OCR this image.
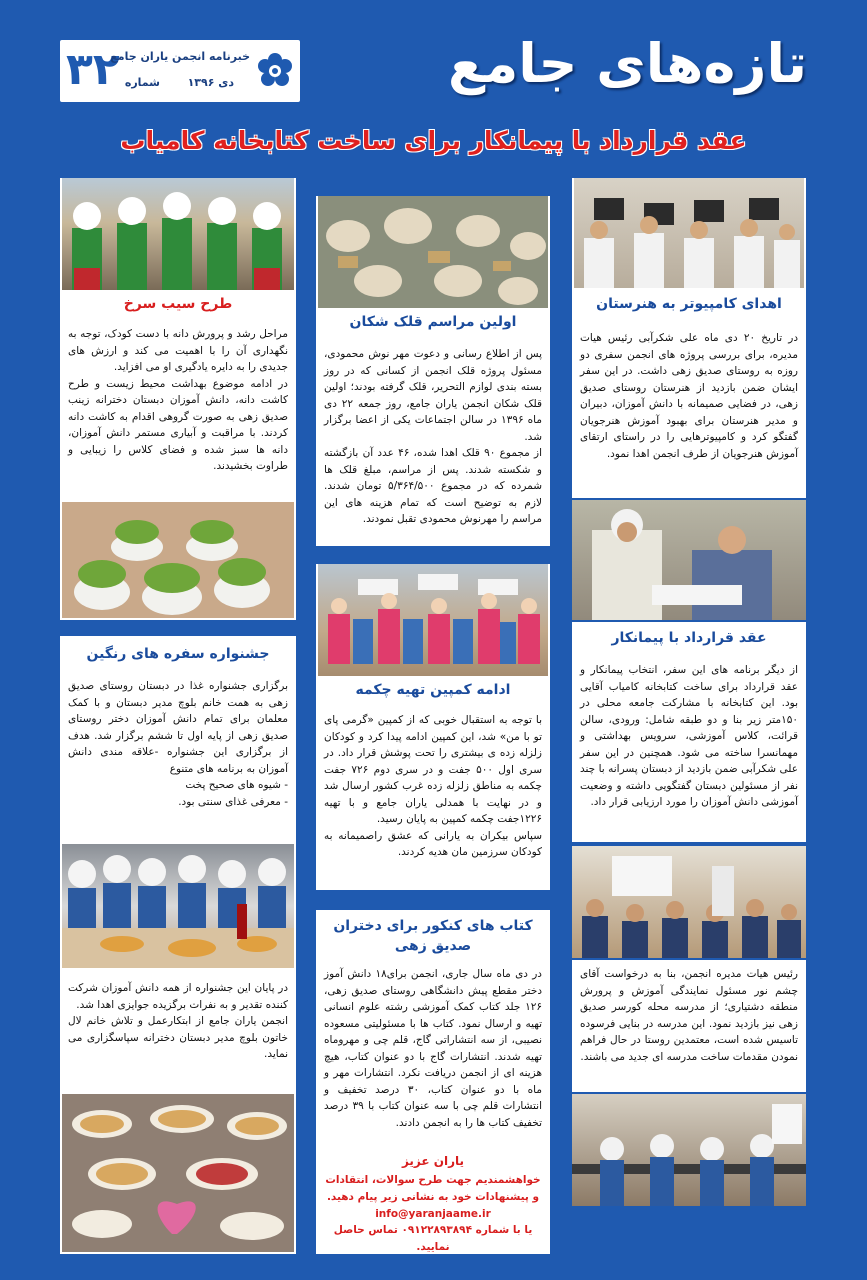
۳۲
خبرنامه انجمن یاران جامع
دی ۱۳۹۶
شماره	تازه‌های جامع
عقد قرارداد با پیمانکار برای ساخت کتابخانه کامیاب
طرح سیب سرخ
مراحل رشد و پرورش دانه با دست کودک، توجه به نگهداری آن را با اهمیت می کند و ارزش های جدیدی را به دایره یادگیری او می افزاید.
در ادامه موضوع بهداشت محیط زیست و طرح کاشت دانه، دانش آموزان دبستان دخترانه زینب صدیق زهی به صورت گروهی اقدام به کاشت دانه کردند. با مراقبت و آبیاری مستمر دانش آموزان، دانه ها سبز شده و فضای کلاس را زیبایی و طراوت بخشیدند.
جشنواره سفره های رنگین
برگزاری جشنواره غذا در دبستان روستای صدیق زهی به همت خانم بلوچ مدیر دبستان و با کمک معلمان برای تمام دانش آموزان دختر روستای صدیق زهی از پایه اول تا ششم برگزار شد. هدف از برگزاری این جشنواره -علاقه مندی دانش آموزان به برنامه های متنوع
- شیوه های صحیح پخت
- معرفی غذای سنتی بود.
در پایان این جشنواره از همه دانش آموزان شرکت کننده تقدیر و به نفرات برگزیده جوایزی اهدا شد.
انجمن یاران جامع از ابتکارعمل و تلاش خانم لال خاتون بلوچ مدیر دبستان دخترانه سپاسگزاری می نماید.
اولین مراسم قلک شکان
پس از اطلاع رسانی و دعوت مهر نوش محمودی، مسئول پروژه قلک انجمن از کسانی که در روز بسته بندی لوازم التحریر، قلک گرفته بودند؛ اولین قلک شکان انجمن یاران جامع، روز جمعه ۲۲ دی ماه ۱۳۹۶ در سالن اجتماعات یکی از اعضا برگزار شد.
از مجموع ۹۰ قلک اهدا شده، ۴۶ عدد آن بازگشته و شکسته شدند. پس از مراسم، مبلغ قلک ها شمرده که در مجموع ۵/۳۶۴/۵۰۰ تومان شدند. لازم به توضیح است که تمام هزینه های این مراسم را مهرنوش محمودی تقبل نمودند.
ادامه کمپین تهیه چکمه
با توجه به استقبال خوبی که از کمپین «گرمی پای تو با من» شد، این کمپین ادامه پیدا کرد و کودکان زلزله زده ی بیشتری را تحت پوشش قرار داد. در سری اول ۵۰۰ جفت و در سری دوم ۷۲۶ جفت چکمه به مناطق زلزله زده غرب کشور ارسال شد و در نهایت با همدلی یاران جامع و با تهیه ۱۲۲۶جفت چکمه کمپین به پایان رسید.
سپاس بیکران به یارانی که عشق راصمیمانه به کودکان سرزمین مان هدیه کردند.
کتاب های کنکور برای دختران صدیق زهی
در دی ماه سال جاری، انجمن برای۱۸ دانش آموز دختر مقطع پیش دانشگاهی روستای صدیق زهی، ۱۲۶ جلد کتاب کمک آموزشی رشته علوم انسانی تهیه و ارسال نمود. کتاب ها با مسئولیتی مسعوده نصیبی، از سه انتشاراتی گاج، قلم چی و مهروماه تهیه شدند. انتشارات گاج با دو عنوان کتاب، هیچ هزینه ای از انجمن دریافت نکرد. انتشارات مهر و ماه با دو عنوان کتاب، ۳۰ درصد تخفیف و انتشارات قلم چی با سه عنوان کتاب با ۳۹ درصد تخفیف کتاب ها را به انجمن دادند.
یاران عزیز
خواهشمندیم جهت طرح سوالات، انتقادات و پیشنهادات خود به نشانی زیر پیام دهید.
info@yaranjaame.ir
یا با شماره ۰۹۱۲۲۸۹۳۸۹۴ تماس حاصل نمایید.
اهدای کامپیوتر به هنرستان
در تاریخ ۲۰ دی ماه علی شکرآبی رئیس هیات مدیره، برای بررسی پروژه های انجمن سفری دو روزه به روستای صدیق زهی داشت. در این سفر ایشان ضمن بازدید از هنرستان روستای صدیق زهی، در فضایی صمیمانه با دانش آموزان، دبیران و مدیر هنرستان برای بهبود آموزش هنرجویان گفتگو کرد و کامپیوترهایی را در راستای ارتقای آموزش هنرجویان از طرف انجمن اهدا نمود.
عقد قرارداد با پیمانکار
از دیگر برنامه های این سفر، انتخاب پیمانکار و عقد قرارداد برای ساخت کتابخانه کامیاب آقایی بود. این کتابخانه با مشارکت جامعه محلی در ۱۵۰متر زیر بنا و دو طبقه شامل: ورودی، سالن قرائت، کلاس آموزشی، سرویس بهداشتی و مهمانسرا ساخته می شود. همچنین در این سفر علی شکرآبی ضمن بازدید از دبستان پسرانه با چند نفر از مسئولین دبستان گفتگویی داشته و وضعیت آموزشی دانش آموزان را مورد ارزیابی قرار داد.
رئیس هیات مدیره انجمن، بنا به درخواست آقای چشم نور مسئول نمایندگی آموزش و پرورش منطقه دشتیاری؛ از مدرسه محله کورسر صدیق زهی نیز بازدید نمود. این مدرسه در بنایی فرسوده تاسیس شده است، معتمدین روستا در حال فراهم نمودن مقدمات ساخت مدرسه ای جدید می باشند.
